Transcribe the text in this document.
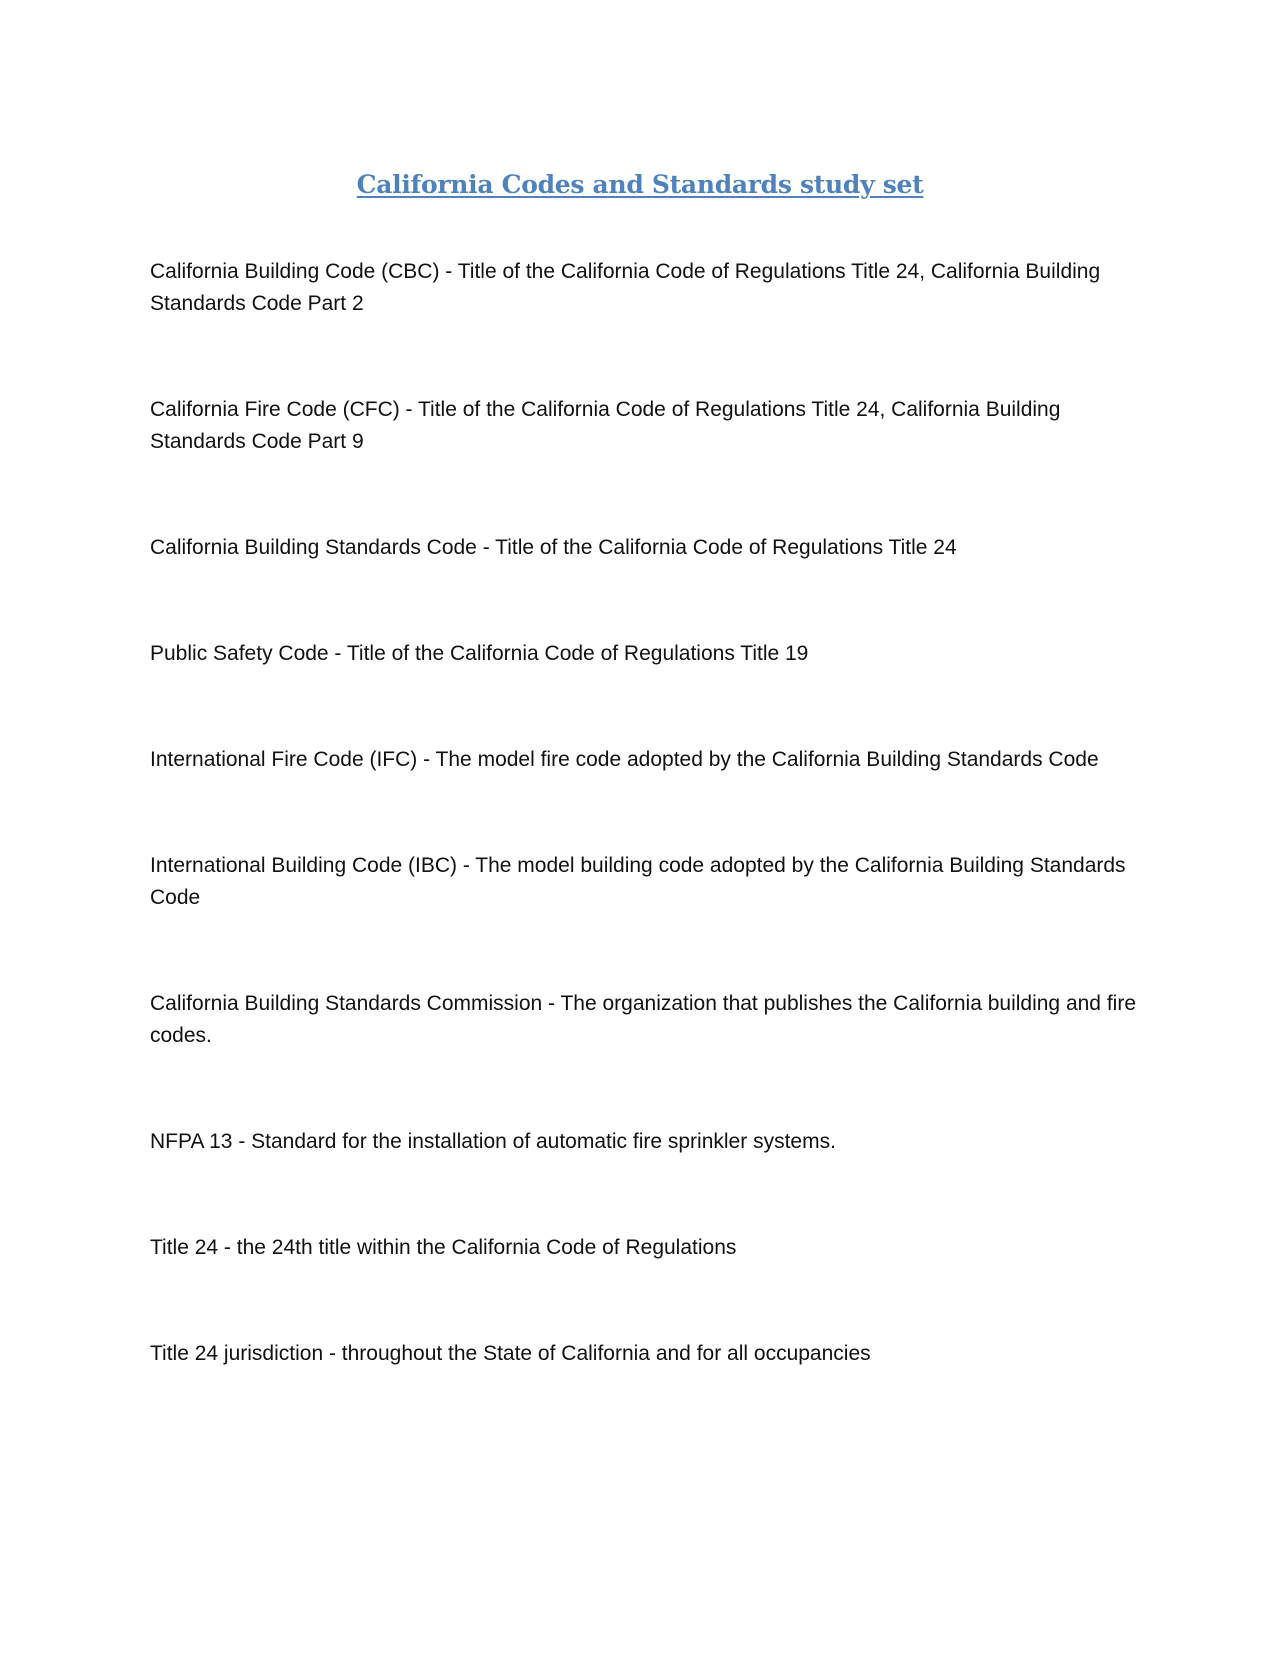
California Codes and Standards study set
California Building Code (CBC) - Title of the California Code of Regulations Title 24, California Building Standards Code Part 2
California Fire Code (CFC) - Title of the California Code of Regulations Title 24, California Building Standards Code Part 9
California Building Standards Code - Title of the California Code of Regulations Title 24
Public Safety Code - Title of the California Code of Regulations Title 19
International Fire Code (IFC) - The model fire code adopted by the California Building Standards Code
International Building Code (IBC) - The model building code adopted by the California Building Standards Code
California Building Standards Commission - The organization that publishes the California building and fire codes.
NFPA 13 - Standard for the installation of automatic fire sprinkler systems.
Title 24 - the 24th title within the California Code of Regulations
Title 24 jurisdiction - throughout the State of California and for all occupancies
